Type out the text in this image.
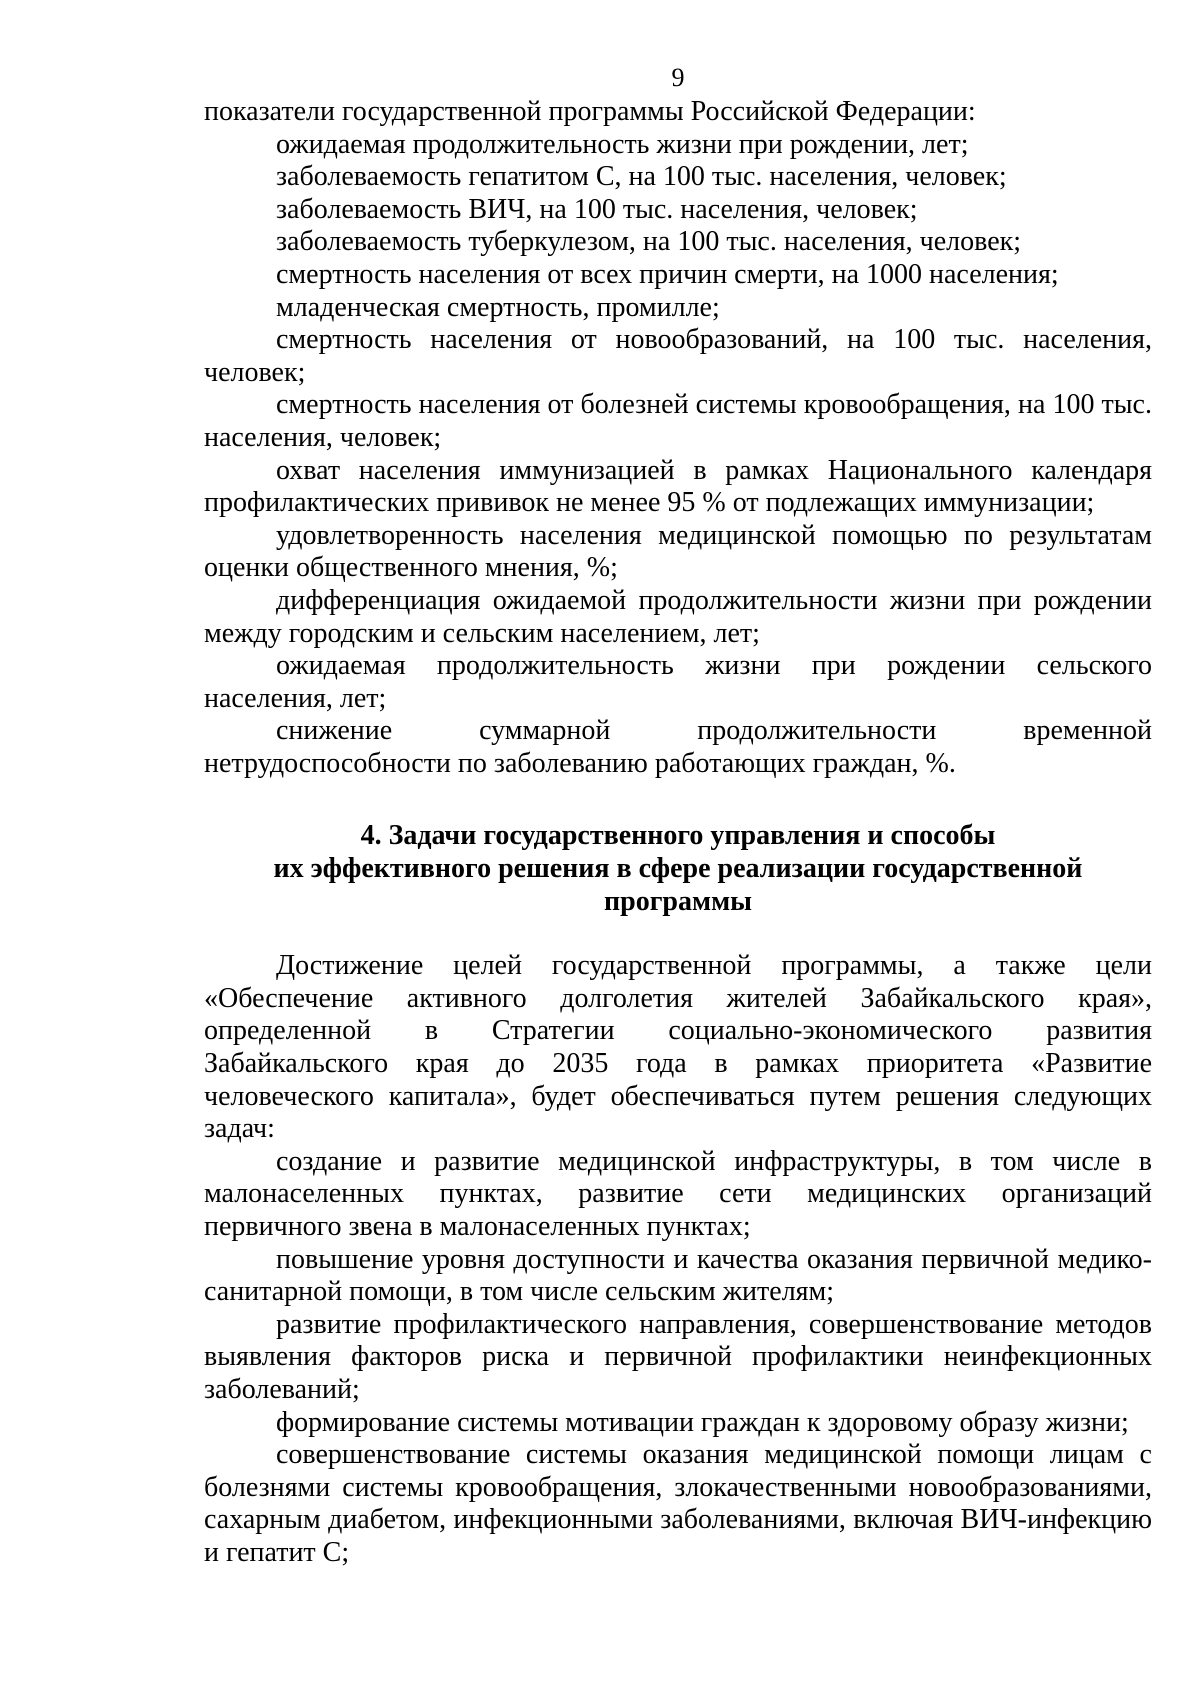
9

показатели государственной программы Российской Федерации:

ожидаемая продолжительность жизни при рождении, лет;

заболеваемость гепатитом С, на 100 тыс. населения, человек;

заболеваемость ВИЧ, на 100 тыс. населения, человек;

заболеваемость туберкулезом, на 100 тыс. населения, человек;

смертность населения от всех причин смерти, на 1000 населения;

младенческая смертность, промилле;

смертность населения от новообразований, на 100 тыс. населения, человек;

смертность населения от болезней системы кровообращения, на 100 тыс. населения, человек;

охват населения иммунизацией в рамках Национального календаря профилактических прививок не менее 95 % от подлежащих иммунизации;

удовлетворенность населения медицинской помощью по результатам оценки общественного мнения, %;

дифференциация ожидаемой продолжительности жизни при рождении между городским и сельским населением, лет;

ожидаемая продолжительность жизни при рождении сельского населения, лет;

снижение суммарной продолжительности временной нетрудоспособности по заболеванию работающих граждан, %.

4. Задачи государственного управления и способы
их эффективного решения в сфере реализации государственной
программы

Достижение целей государственной программы, а также цели «Обеспечение активного долголетия жителей Забайкальского края», определенной в Стратегии социально-экономического развития Забайкальского края до 2035 года в рамках приоритета «Развитие человеческого капитала», будет обеспечиваться путем решения следующих задач:

создание и развитие медицинской инфраструктуры, в том числе в малонаселенных пунктах, развитие сети медицинских организаций первичного звена в малонаселенных пунктах;

повышение уровня доступности и качества оказания первичной медико-санитарной помощи, в том числе сельским жителям;

развитие профилактического направления, совершенствование методов выявления факторов риска и первичной профилактики неинфекционных заболеваний;

формирование системы мотивации граждан к здоровому образу жизни;

совершенствование системы оказания медицинской помощи лицам с болезнями системы кровообращения, злокачественными новообразованиями, сахарным диабетом, инфекционными заболеваниями, включая ВИЧ-инфекцию и гепатит С;
